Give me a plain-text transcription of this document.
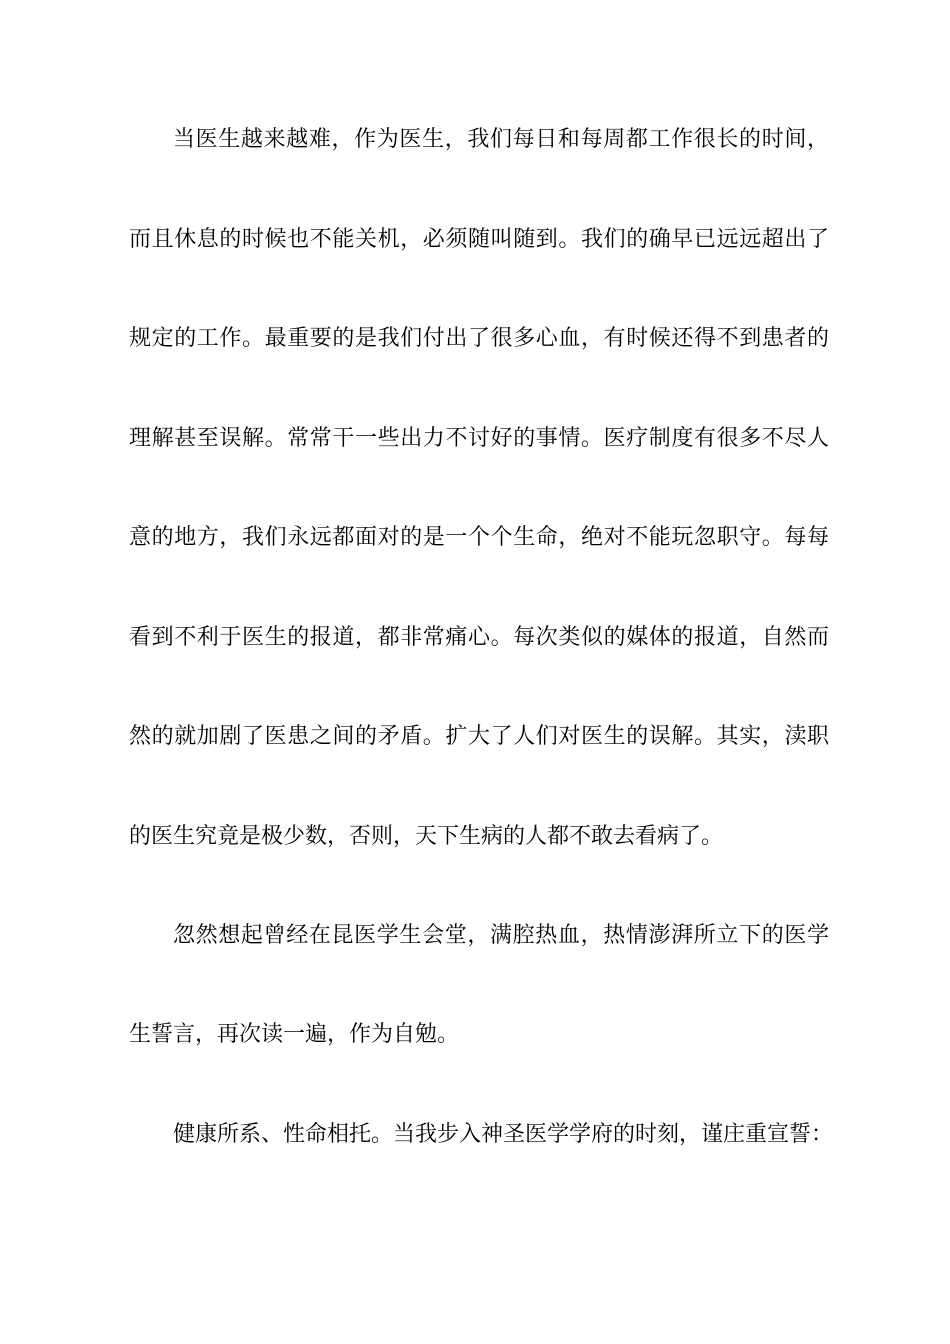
当医生越来越难，作为医生，我们每日和每周都工作很长的时间，
而且休息的时候也不能关机，必须随叫随到。我们的确早已远远超出了
规定的工作。最重要的是我们付出了很多心血，有时候还得不到患者的
理解甚至误解。常常干一些出力不讨好的事情。医疗制度有很多不尽人
意的地方，我们永远都面对的是一个个生命，绝对不能玩忽职守。每每
看到不利于医生的报道，都非常痛心。每次类似的媒体的报道，自然而
然的就加剧了医患之间的矛盾。扩大了人们对医生的误解。其实，渎职
的医生究竟是极少数，否则，天下生病的人都不敢去看病了。
忽然想起曾经在昆医学生会堂，满腔热血，热情澎湃所立下的医学
生誓言，再次读一遍，作为自勉。
健康所系、性命相托。当我步入神圣医学学府的时刻，谨庄重宣誓：
